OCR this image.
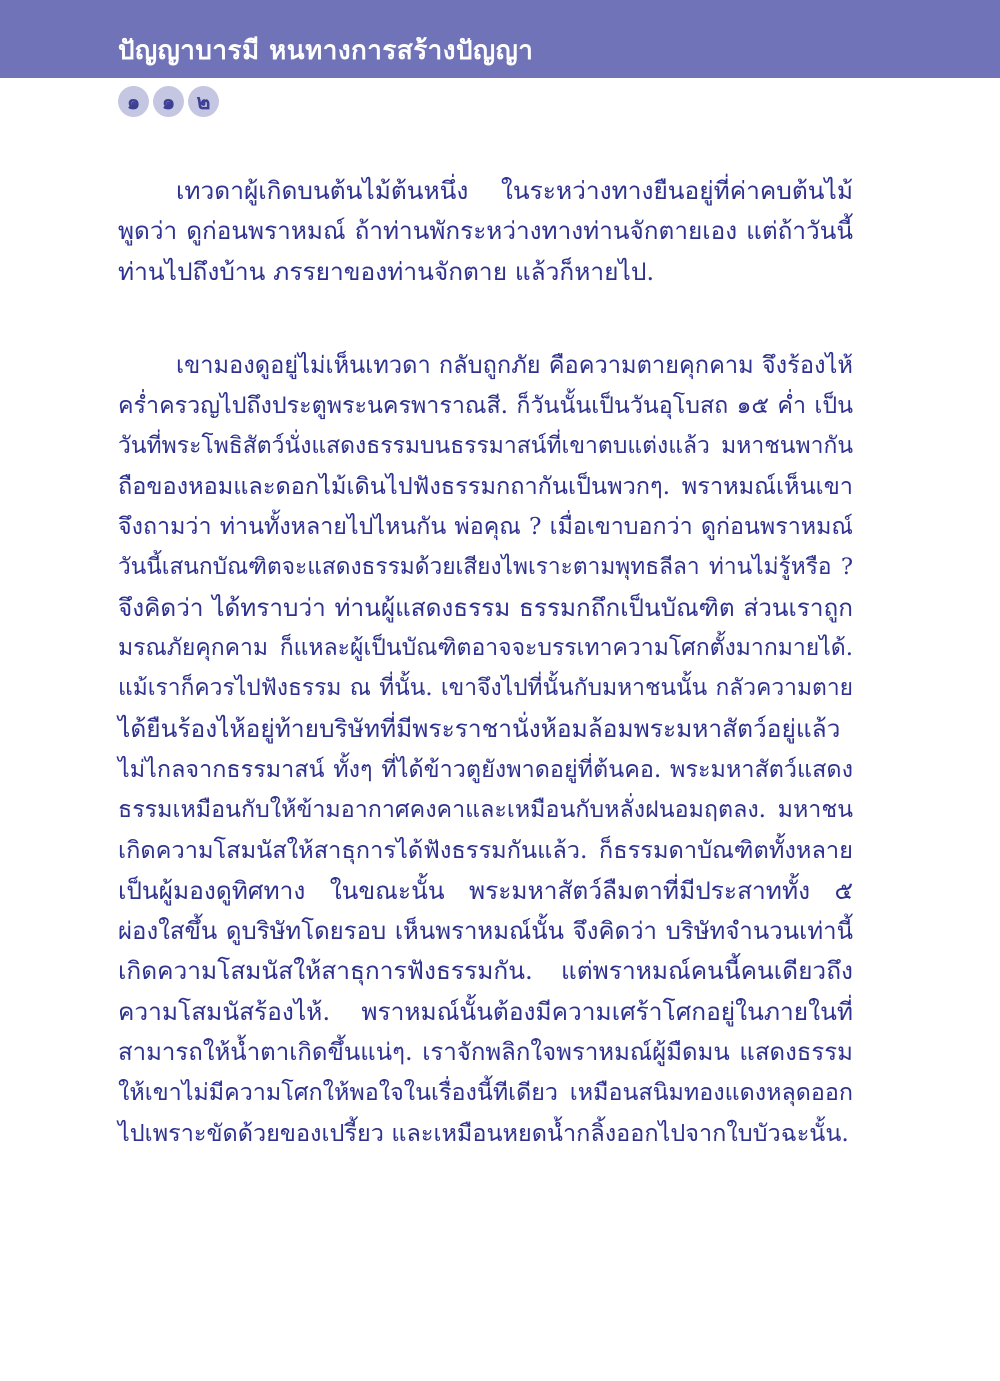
ปัญญาบารมี หนทางการสร้างปัญญา
๑	๑	๒

เทวดาผู้เกิดบนต้นไม้ต้นหนึ่ง ในระหว่างทางยืนอยู่ที่ค่าคบต้นไม้
พูดว่า ดูก่อนพราหมณ์ ถ้าท่านพักระหว่างทางท่านจักตายเอง แต่ถ้าวันนี้
ท่านไปถึงบ้าน ภรรยาของท่านจักตาย แล้วก็หายไป.

เขามองดูอยู่ไม่เห็นเทวดา กลับถูกภัย คือความตายคุกคาม จึงร้องไห้
คร่ำครวญไปถึงประตูพระนครพาราณสี. ก็วันนั้นเป็นวันอุโบสถ ๑๕ ค่ำ เป็น
วันที่พระโพธิสัตว์นั่งแสดงธรรมบนธรรมาสน์ที่เขาตบแต่งแล้ว มหาชนพากัน
ถือของหอมและดอกไม้เดินไปฟังธรรมกถากันเป็นพวกๆ. พราหมณ์เห็นเขา
จึงถามว่า ท่านทั้งหลายไปไหนกัน พ่อคุณ ? เมื่อเขาบอกว่า ดูก่อนพราหมณ์
วันนี้เสนกบัณฑิตจะแสดงธรรมด้วยเสียงไพเราะตามพุทธลีลา ท่านไม่รู้หรือ ?
จึงคิดว่า ได้ทราบว่า ท่านผู้แสดงธรรม ธรรมกถึกเป็นบัณฑิต ส่วนเราถูก
มรณภัยคุกคาม ก็แหละผู้เป็นบัณฑิตอาจจะบรรเทาความโศกตั้งมากมายได้.
แม้เราก็ควรไปฟังธรรม ณ ที่นั้น. เขาจึงไปที่นั้นกับมหาชนนั้น กลัวความตาย
ได้ยืนร้องไห้อยู่ท้ายบริษัทที่มีพระราชานั่งห้อมล้อมพระมหาสัตว์อยู่แล้ว
ไม่ไกลจากธรรมาสน์ ทั้งๆ ที่ได้ข้าวตูยังพาดอยู่ที่ต้นคอ. พระมหาสัตว์แสดง
ธรรมเหมือนกับให้ข้ามอากาศคงคาและเหมือนกับหลั่งฝนอมฤตลง. มหาชน
เกิดความโสมนัสให้สาธุการได้ฟังธรรมกันแล้ว. ก็ธรรมดาบัณฑิตทั้งหลาย
เป็นผู้มองดูทิศทาง ในขณะนั้น พระมหาสัตว์ลืมตาที่มีประสาททั้ง ๕
ผ่องใสขึ้น ดูบริษัทโดยรอบ เห็นพราหมณ์นั้น จึงคิดว่า บริษัทจำนวนเท่านี้
เกิดความโสมนัสให้สาธุการฟังธรรมกัน. แต่พราหมณ์คนนี้คนเดียวถึง
ความโสมนัสร้องไห้. พราหมณ์นั้นต้องมีความเศร้าโศกอยู่ในภายในที่
สามารถให้น้ำตาเกิดขึ้นแน่ๆ. เราจักพลิกใจพราหมณ์ผู้มืดมน แสดงธรรม
ให้เขาไม่มีความโศกให้พอใจในเรื่องนี้ทีเดียว เหมือนสนิมทองแดงหลุดออก
ไปเพราะขัดด้วยของเปรี้ยว และเหมือนหยดน้ำกลิ้งออกไปจากใบบัวฉะนั้น.
